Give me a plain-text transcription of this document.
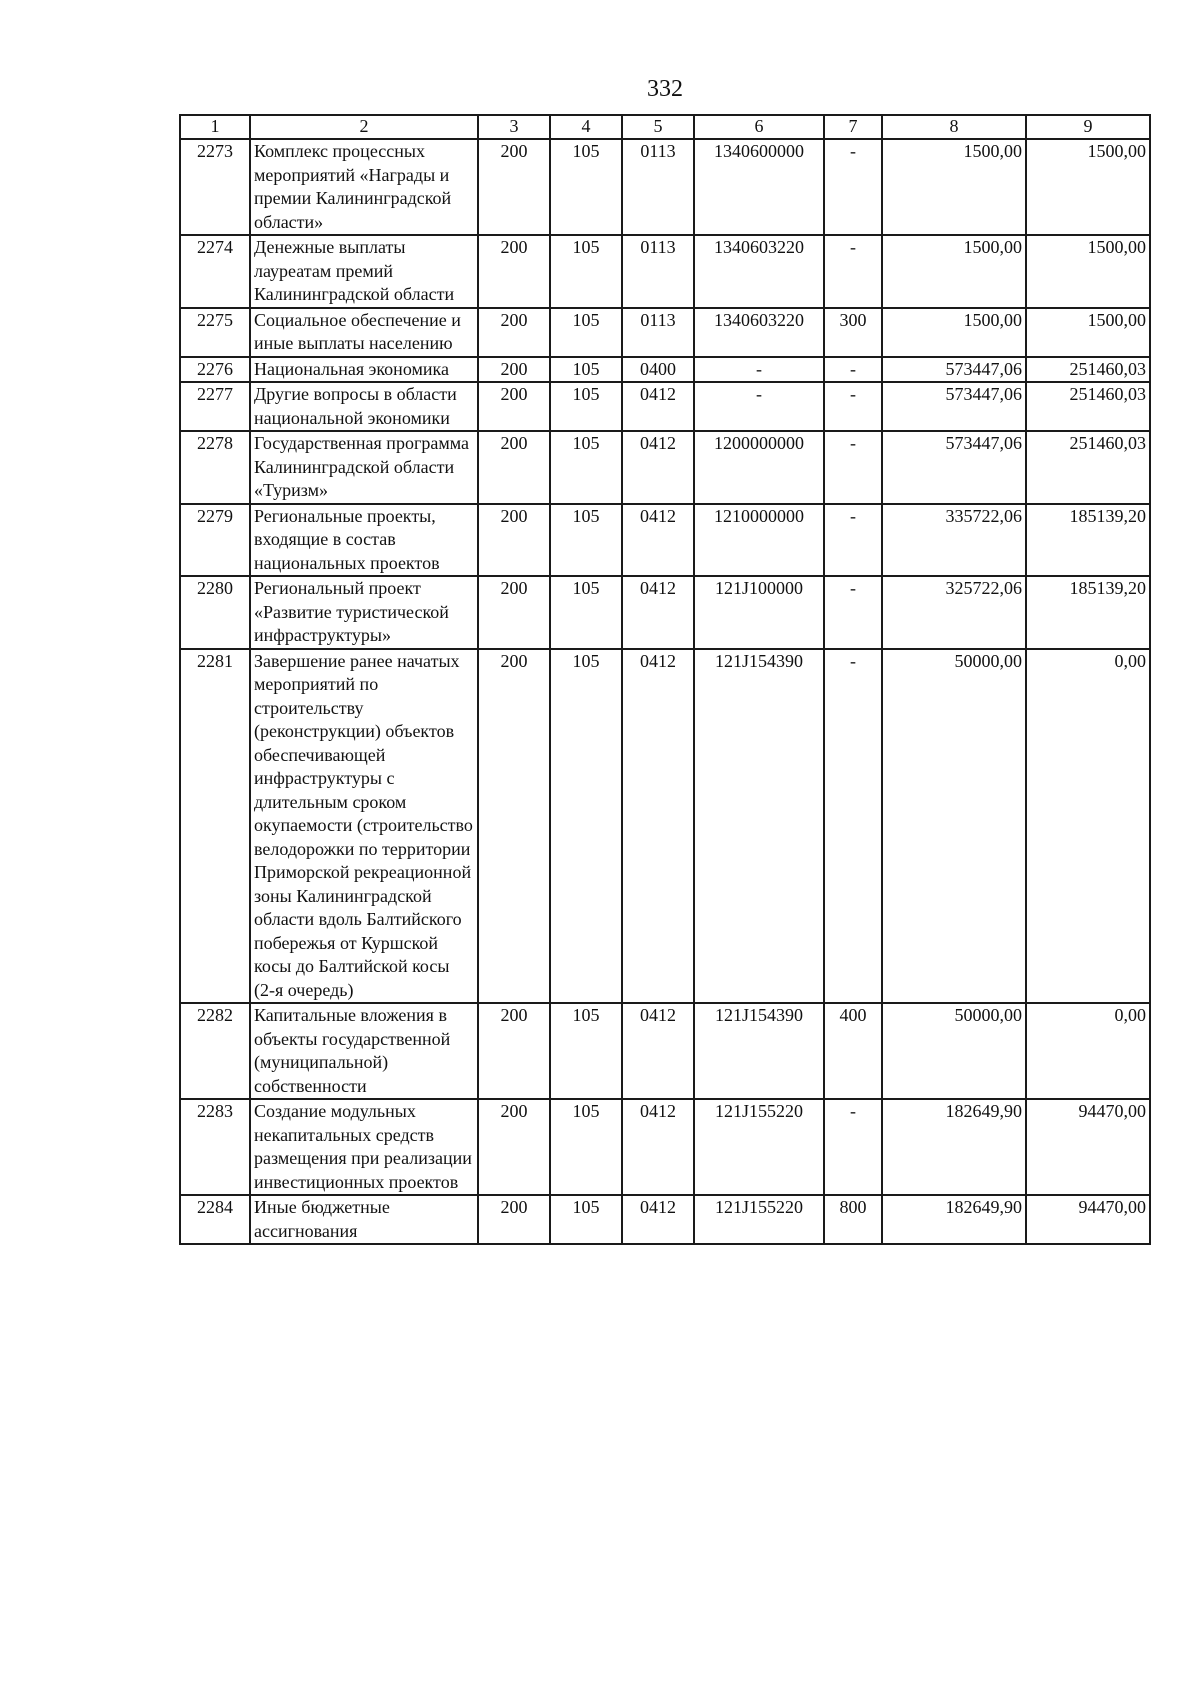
332
1	2	3	4	5	6	7	8	9
2273	Комплекс процессных мероприятий «Награды и премии Калининградской области»	200	105	0113	1340600000	-	1500,00	1500,00
2274	Денежные выплаты лауреатам премий Калининградской области	200	105	0113	1340603220	-	1500,00	1500,00
2275	Социальное обеспечение и иные выплаты населению	200	105	0113	1340603220	300	1500,00	1500,00
2276	Национальная экономика	200	105	0400	-	-	573447,06	251460,03
2277	Другие вопросы в области национальной экономики	200	105	0412	-	-	573447,06	251460,03
2278	Государственная программа Калининградской области «Туризм»	200	105	0412	1200000000	-	573447,06	251460,03
2279	Региональные проекты, входящие в состав национальных проектов	200	105	0412	1210000000	-	335722,06	185139,20
2280	Региональный проект «Развитие туристической инфраструктуры»	200	105	0412	121J100000	-	325722,06	185139,20
2281	Завершение ранее начатых мероприятий по строительству (реконструкции) объектов обеспечивающей инфраструктуры с длительным сроком окупаемости (строительство велодорожки по территории Приморской рекреационной зоны Калининградской области вдоль Балтийского побережья от Куршской косы до Балтийской косы (2-я очередь)	200	105	0412	121J154390	-	50000,00	0,00
2282	Капитальные вложения в объекты государственной (муниципальной) собственности	200	105	0412	121J154390	400	50000,00	0,00
2283	Создание модульных некапитальных средств размещения при реализации инвестиционных проектов	200	105	0412	121J155220	-	182649,90	94470,00
2284	Иные бюджетные ассигнования	200	105	0412	121J155220	800	182649,90	94470,00
